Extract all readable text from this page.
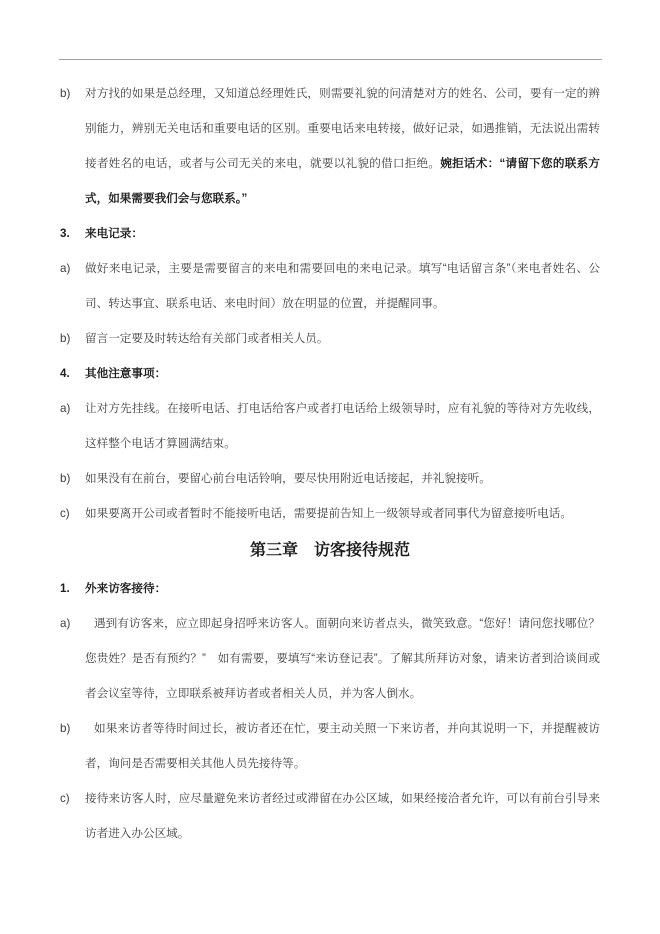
b)	对方找的如果是总经理，又知道总经理姓氏，则需要礼貌的问清楚对方的姓名、公司，要有一定的辨别能力，辨别无关电话和重要电话的区别。重要电话来电转接，做好记录，如遇推销，无法说出需转接者姓名的电话，或者与公司无关的来电，就要以礼貌的借口拒绝。婉拒话术：“请留下您的联系方式，如果需要我们会与您联系。”

3.	来电记录：

a)	做好来电记录，主要是需要留言的来电和需要回电的来电记录。填写“电话留言条”（来电者姓名、公司、转达事宜、联系电话、来电时间）放在明显的位置，并提醒同事。

b)	留言一定要及时转达给有关部门或者相关人员。

4.	其他注意事项：

a)	让对方先挂线。在接听电话、打电话给客户或者打电话给上级领导时，应有礼貌的等待对方先收线，这样整个电话才算圆满结束。

b)	如果没有在前台，要留心前台电话铃响，要尽快用附近电话接起，并礼貌接听。

c)	如果要离开公司或者暂时不能接听电话，需要提前告知上一级领导或者同事代为留意接听电话。

第三章　访客接待规范

1.	外来访客接待：

a)	遇到有访客来，应立即起身招呼来访客人。面朝向来访者点头，微笑致意。“您好！请问您找哪位？您贵姓？是否有预约？”　如有需要，要填写“来访登记表”。了解其所拜访对象，请来访者到洽谈间或者会议室等待，立即联系被拜访者或者相关人员，并为客人倒水。

b)	如果来访者等待时间过长，被访者还在忙，要主动关照一下来访者，并向其说明一下，并提醒被访者，询问是否需要相关其他人员先接待等。

c)	接待来访客人时，应尽量避免来访者经过或滞留在办公区域，如果经接洽者允许，可以有前台引导来访者进入办公区域。
